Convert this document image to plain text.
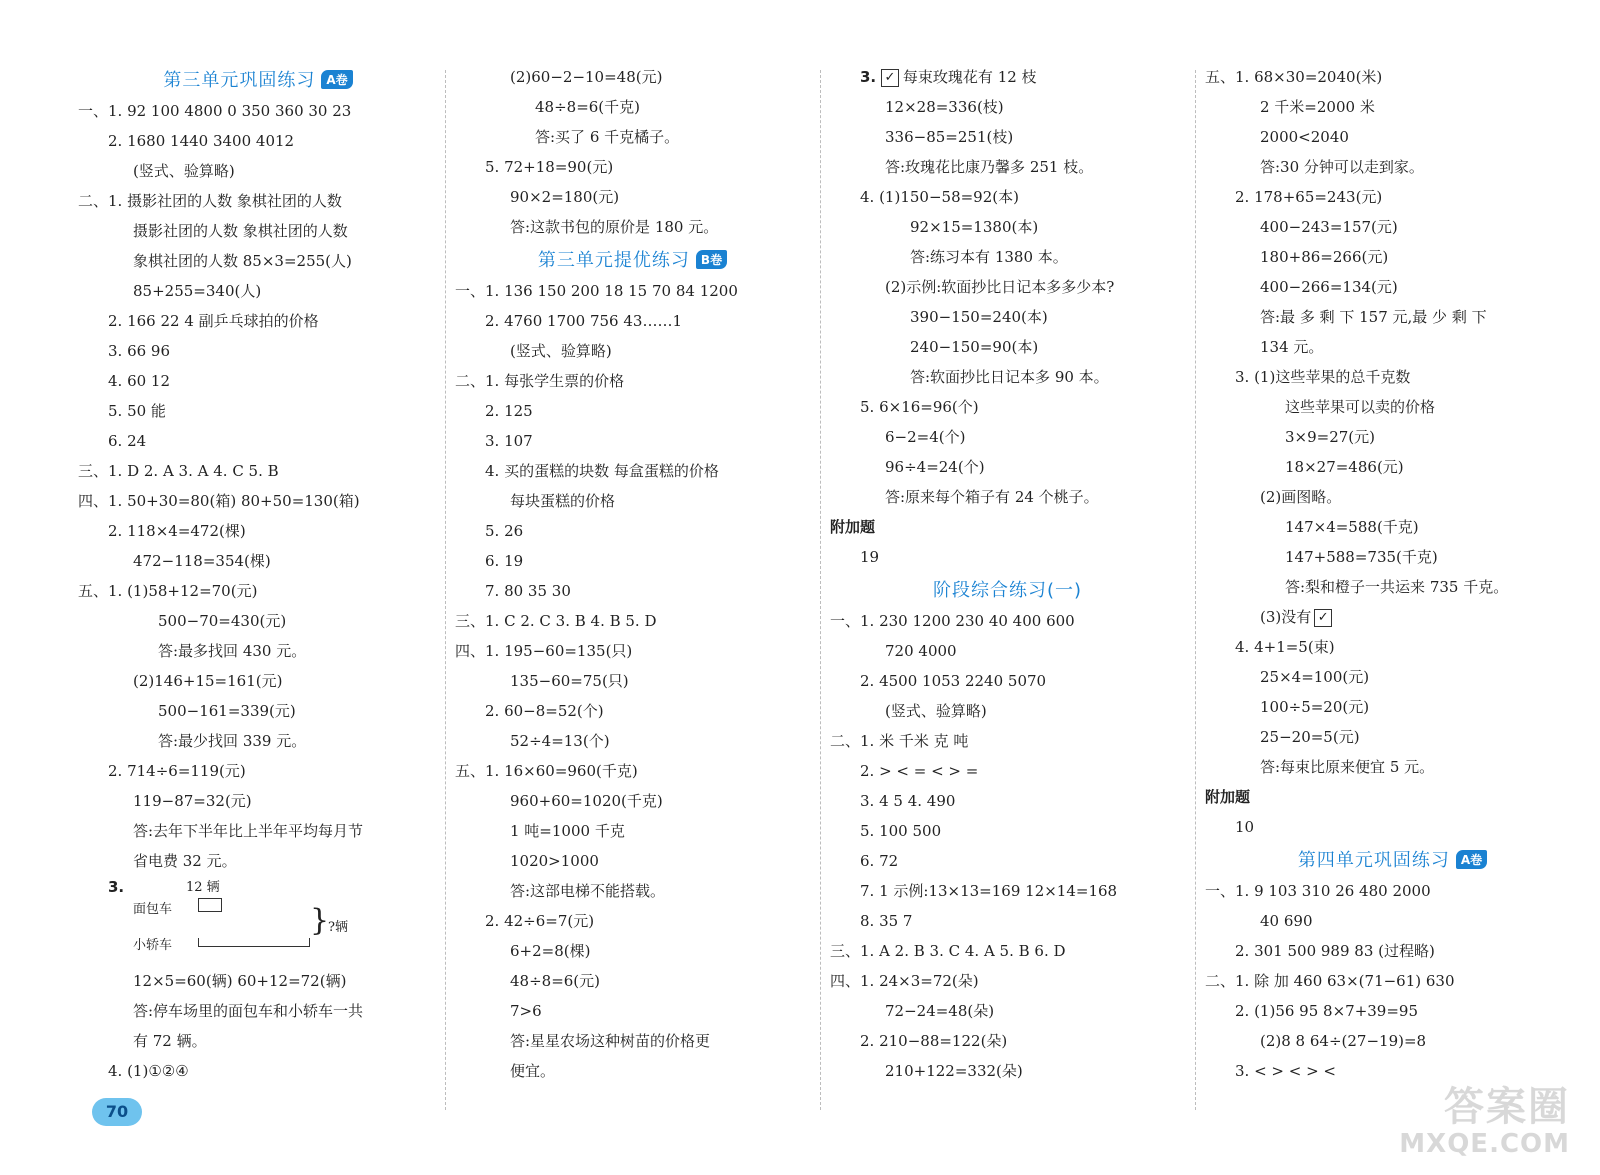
第三单元巩固练习 A卷
一、1. 92 100 4800 0 350 360 30 23
2. 1680 1440 3400 4012
(竖式、验算略)
二、1. 摄影社团的人数 象棋社团的人数
摄影社团的人数 象棋社团的人数
象棋社团的人数 85×3=255(人)
85+255=340(人)
2. 166 22 4 副乒乓球拍的价格
3. 66 96
4. 60 12
5. 50 能
6. 24
三、1. D 2. A 3. A 4. C 5. B
四、1. 50+30=80(箱) 80+50=130(箱)
2. 118×4=472(棵)
472−118=354(棵)
五、1. (1)58+12=70(元)
500−70=430(元)
答:最多找回 430 元。
(2)146+15=161(元)
500−161=339(元)
答:最少找回 339 元。
2. 714÷6=119(元)
119−87=32(元)
答:去年下半年比上半年平均每月节
省电费 32 元。
3.	12 辆
面包车
小轿车
}
?辆
12×5=60(辆) 60+12=72(辆)
答:停车场里的面包车和小轿车一共
有 72 辆。
4. (1)①②④
(2)60−2−10=48(元)
48÷8=6(千克)
答:买了 6 千克橘子。
5. 72+18=90(元)
90×2=180(元)
答:这款书包的原价是 180 元。
第三单元提优练习 B卷
一、1. 136 150 200 18 15 70 84 1200
2. 4760 1700 756 43……1
(竖式、验算略)
二、1. 每张学生票的价格
2. 125
3. 107
4. 买的蛋糕的块数 每盒蛋糕的价格
每块蛋糕的价格
5. 26
6. 19
7. 80 35 30
三、1. C 2. C 3. B 4. B 5. D
四、1. 195−60=135(只)
135−60=75(只)
2. 60−8=52(个)
52÷4=13(个)
五、1. 16×60=960(千克)
960+60=1020(千克)
1 吨=1000 千克
1020>1000
答:这部电梯不能搭载。
2. 42÷6=7(元)
6+2=8(棵)
48÷8=6(元)
7>6
答:星星农场这种树苗的价格更
便宜。
3. ✓ 每束玫瑰花有 12 枝
12×28=336(枝)
336−85=251(枝)
答:玫瑰花比康乃馨多 251 枝。
4. (1)150−58=92(本)
92×15=1380(本)
答:练习本有 1380 本。
(2)示例:软面抄比日记本多多少本?
390−150=240(本)
240−150=90(本)
答:软面抄比日记本多 90 本。
5. 6×16=96(个)
6−2=4(个)
96÷4=24(个)
答:原来每个箱子有 24 个桃子。
附加题
19
阶段综合练习(一)
一、1. 230 1200 230 40 400 600
720 4000
2. 4500 1053 2240 5070
(竖式、验算略)
二、1. 米 千米 克 吨
2. > < = < > =
3. 4 5 4. 490
5. 100 500
6. 72
7. 1 示例:13×13=169 12×14=168
8. 35 7
三、1. A 2. B 3. C 4. A 5. B 6. D
四、1. 24×3=72(朵)
72−24=48(朵)
2. 210−88=122(朵)
210+122=332(朵)
五、1. 68×30=2040(米)
2 千米=2000 米
2000<2040
答:30 分钟可以走到家。
2. 178+65=243(元)
400−243=157(元)
180+86=266(元)
400−266=134(元)
答:最 多 剩 下 157 元,最 少 剩 下
134 元。
3. (1)这些苹果的总千克数
这些苹果可以卖的价格
3×9=27(元)
18×27=486(元)
(2)画图略。
147×4=588(千克)
147+588=735(千克)
答:梨和橙子一共运来 735 千克。
(3)没有 ✓
4. 4+1=5(束)
25×4=100(元)
100÷5=20(元)
25−20=5(元)
答:每束比原来便宜 5 元。
附加题
10
第四单元巩固练习 A卷
一、1. 9 103 310 26 480 2000
40 690
2. 301 500 989 83 (过程略)
二、1. 除 加 460 63×(71−61) 630
2. (1)56 95 8×7+39=95
(2)8 8 64÷(27−19)=8
3. < > < > <
70	答案圈
MXQE.COM
